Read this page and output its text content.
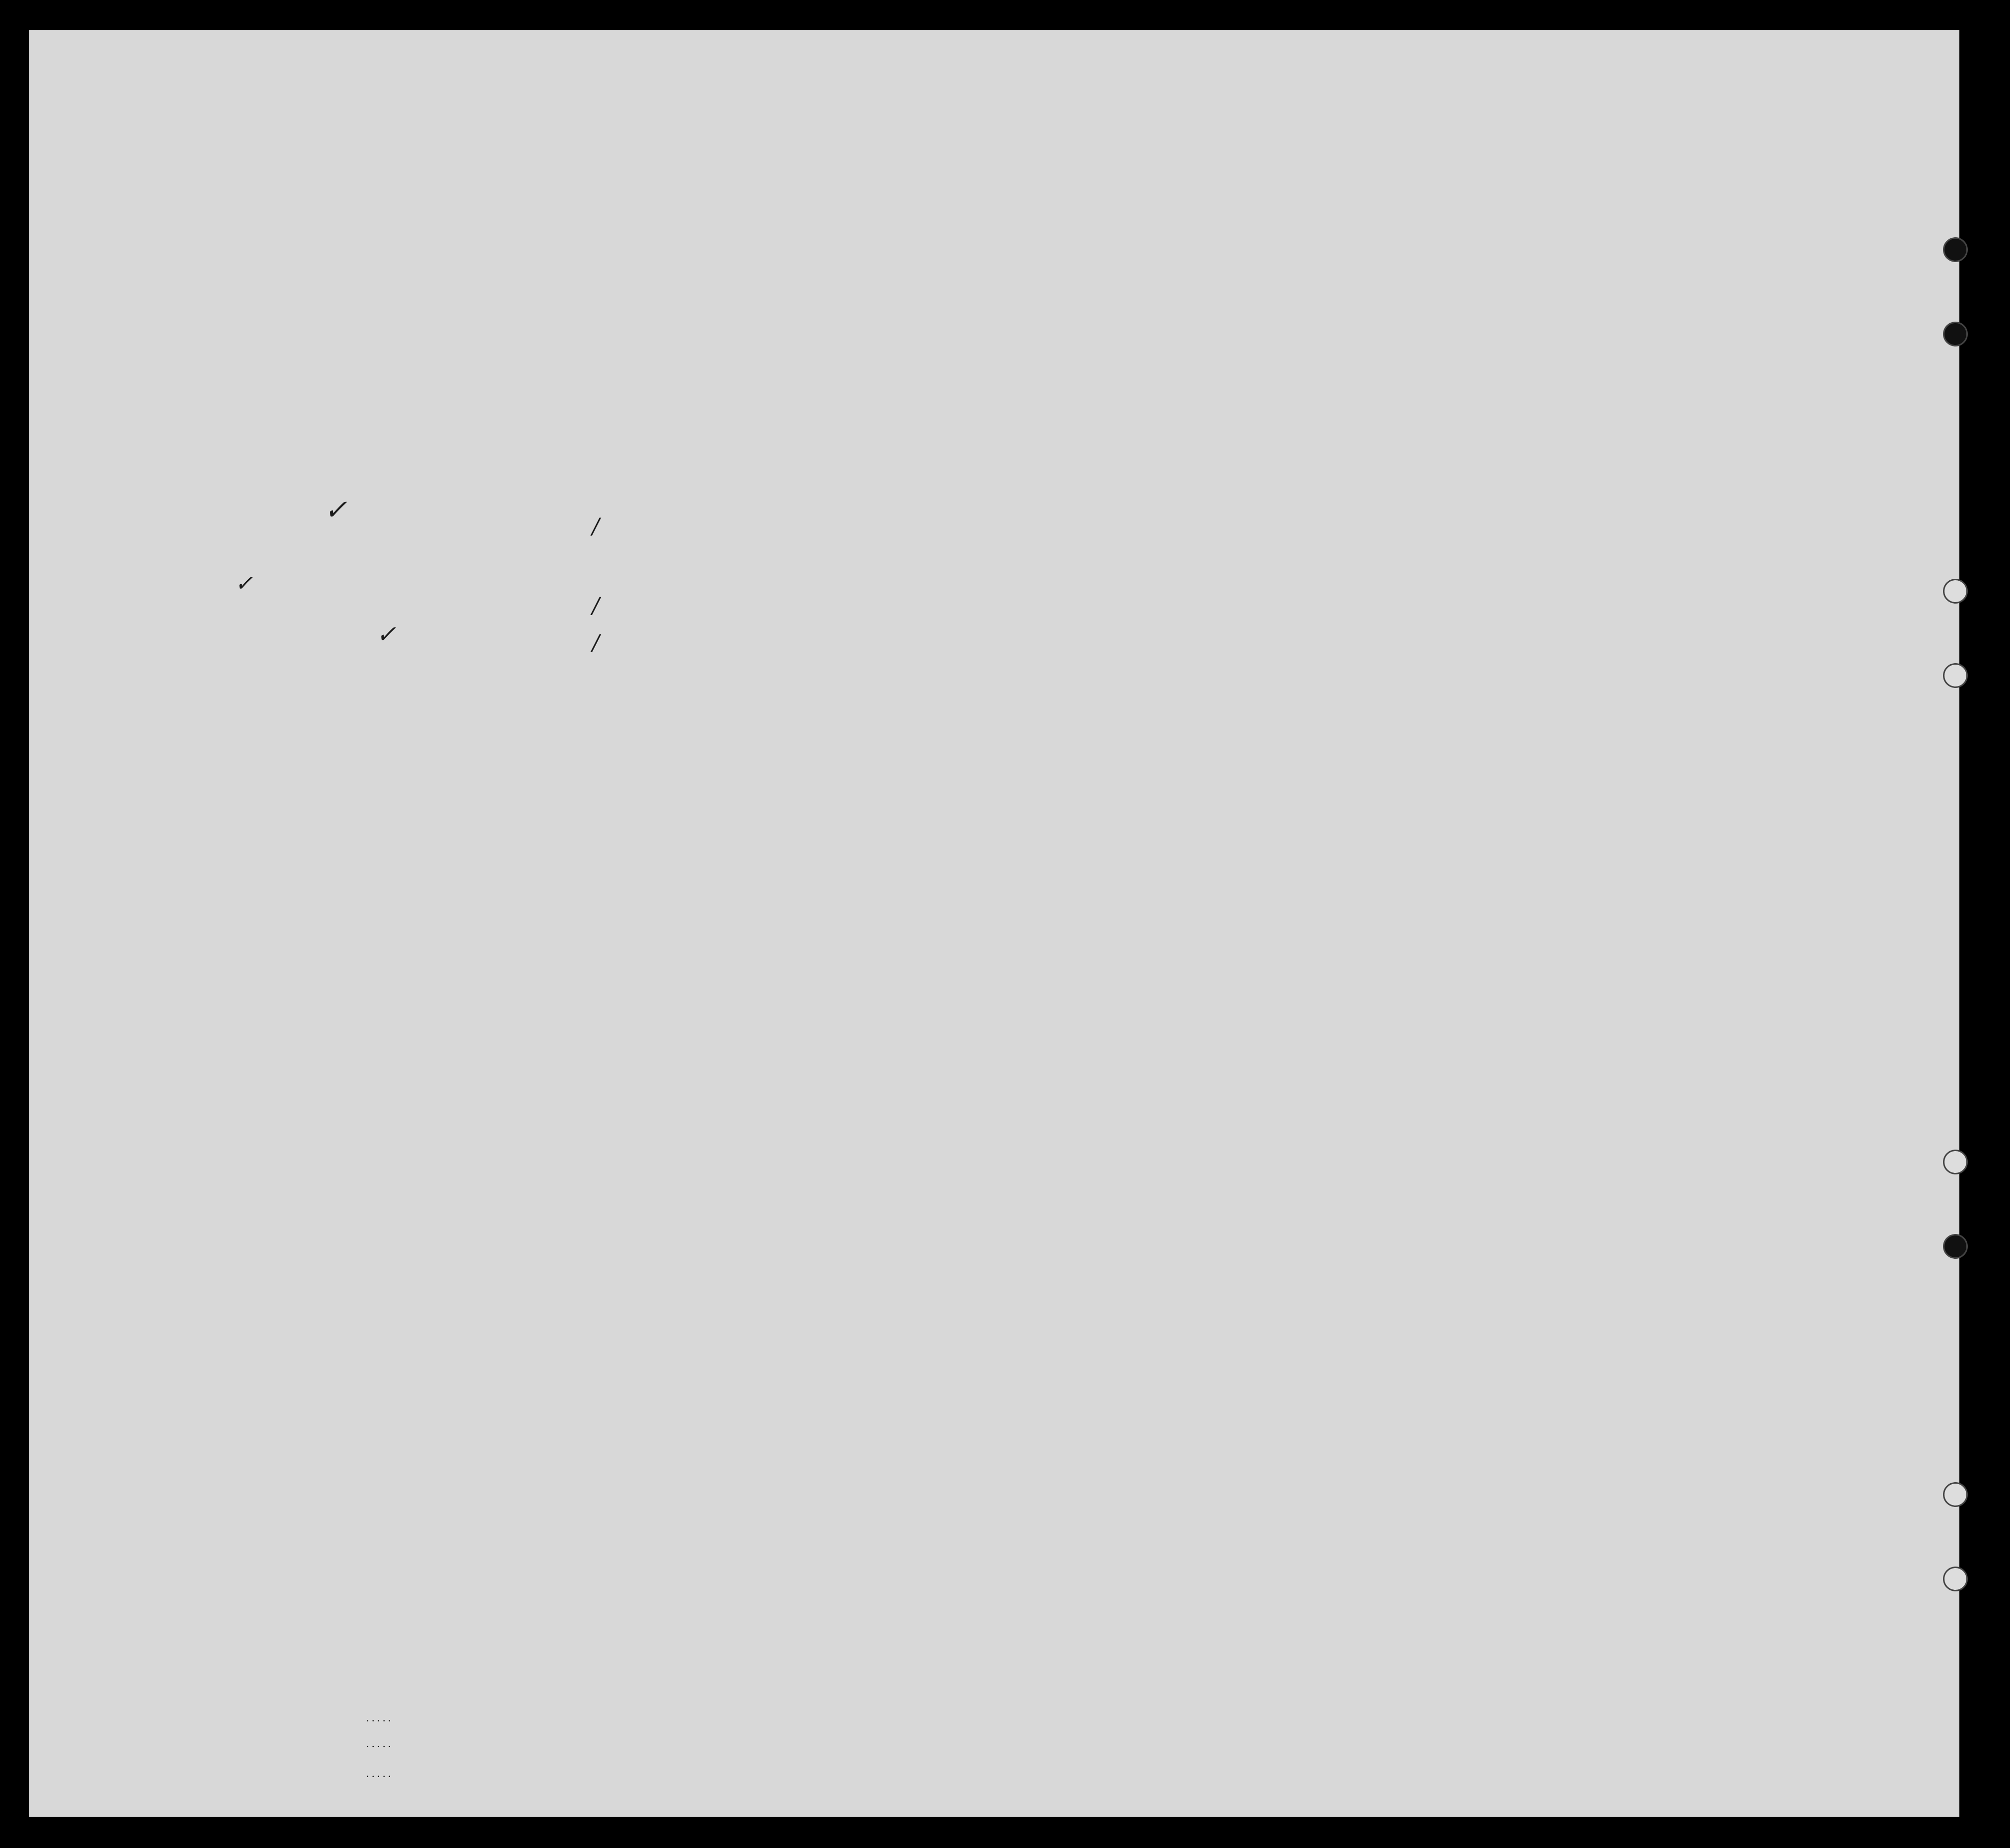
✓
/
✓
/
✓	/
. . . . .
. . . . .
. . . . .
